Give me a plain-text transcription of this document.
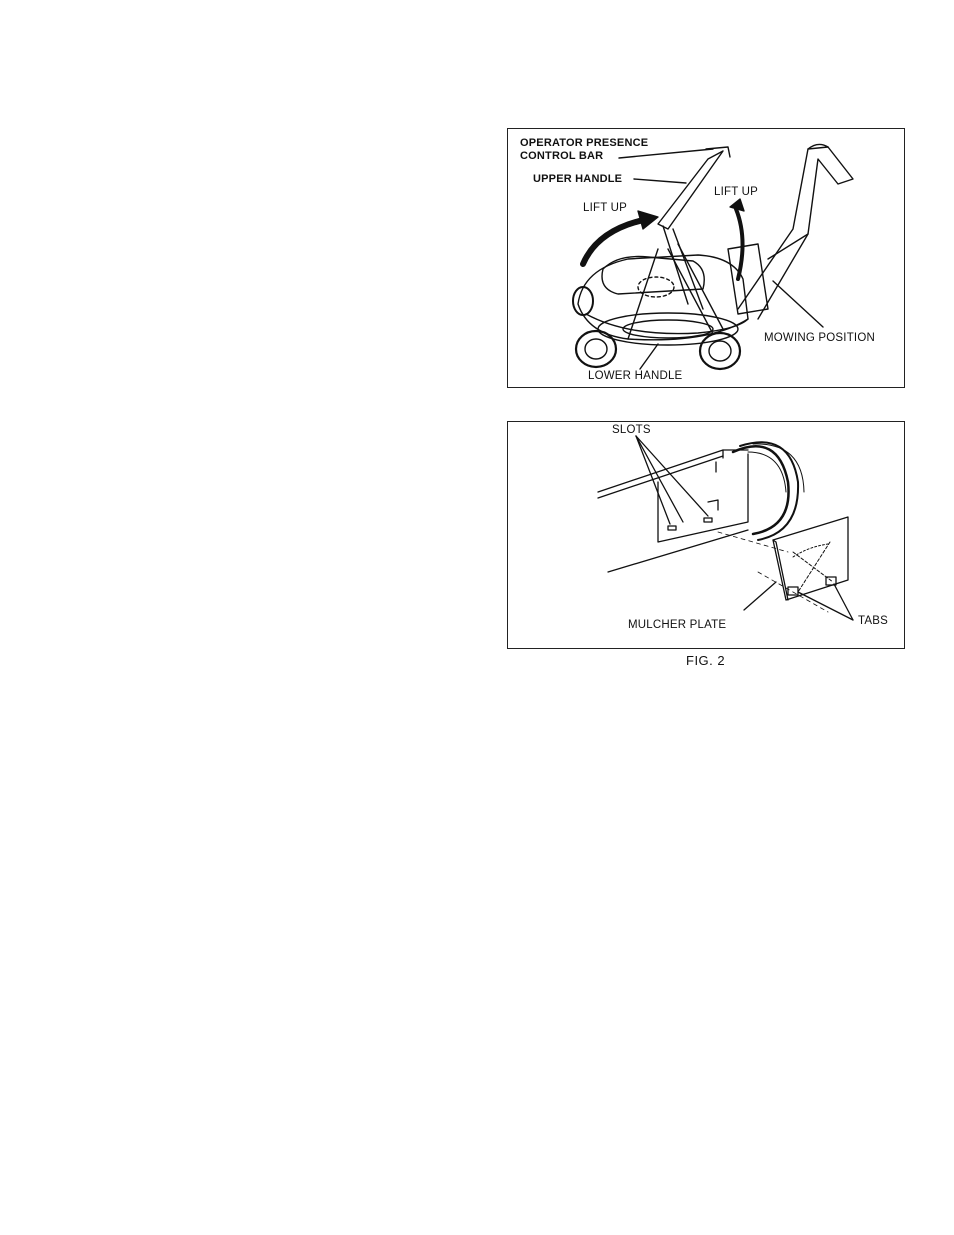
OPERATOR PRESENCE
CONTROL BAR
UPPER HANDLE
LIFT UP
LIFT UP
MOWING POSITION
LOWER HANDLE
SLOTS
MULCHER PLATE	TABS
FIG. 2
